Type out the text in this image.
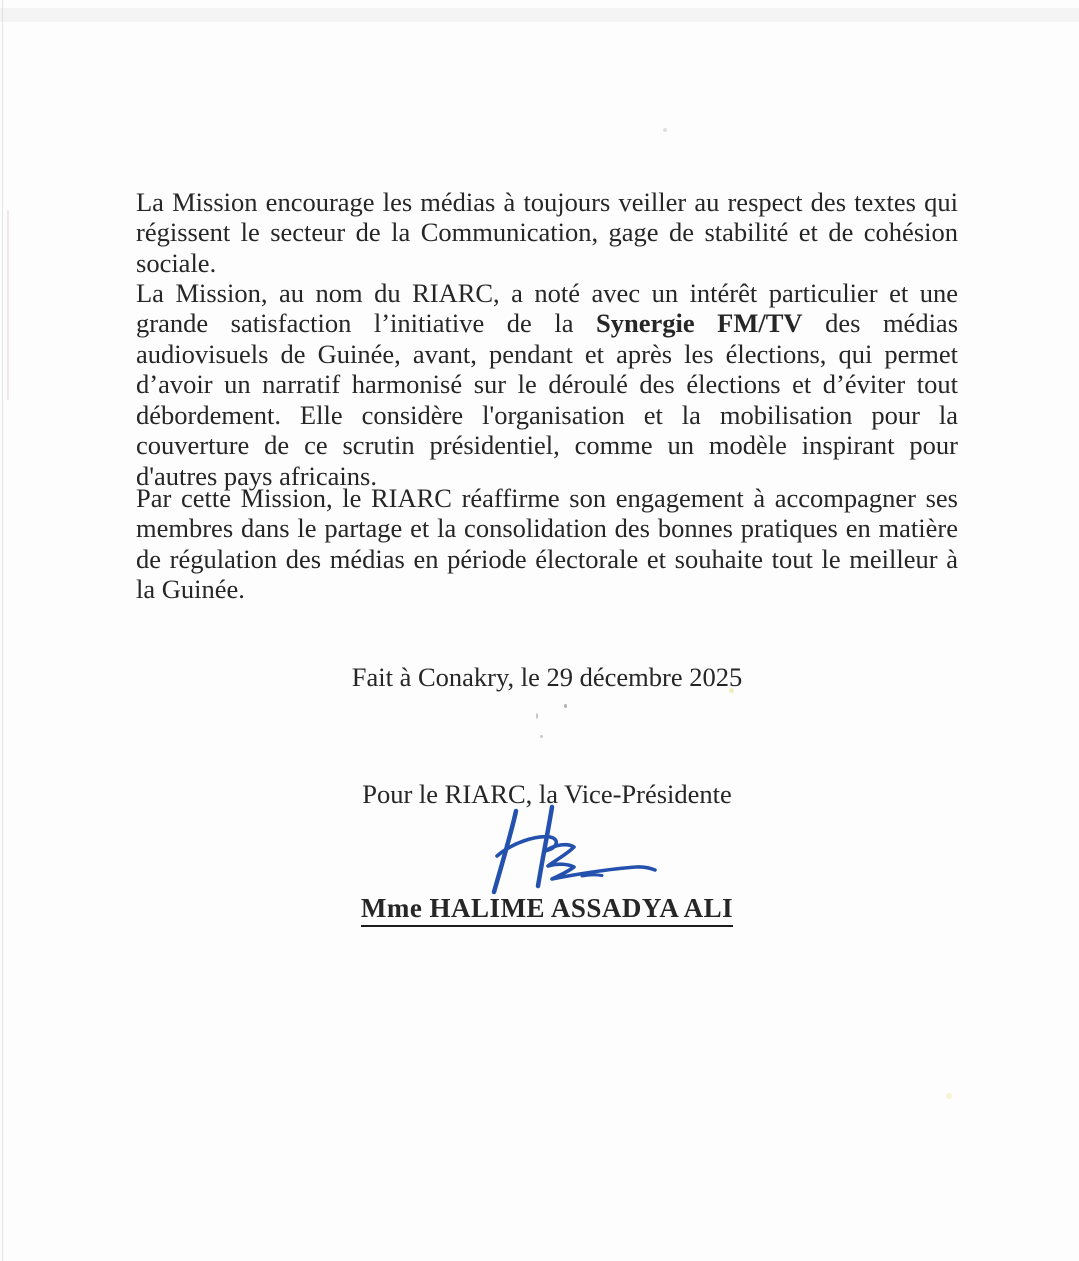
La Mission encourage les médias à toujours veiller au respect des textes qui régissent le secteur de la Communication, gage de stabilité et de cohésion sociale.

La Mission, au nom du RIARC, a noté avec un intérêt particulier et une grande satisfaction l’initiative de la Synergie FM/TV des médias audiovisuels de Guinée, avant, pendant et après les élections, qui permet d’avoir un narratif harmonisé sur le déroulé des élections et d’éviter tout débordement. Elle considère l'organisation et la mobilisation pour la couverture de ce scrutin présidentiel, comme un modèle inspirant pour d'autres pays africains.

Par cette Mission, le RIARC réaffirme son engagement à accompagner ses membres dans le partage et la consolidation des bonnes pratiques en matière de régulation des médias en période électorale et souhaite tout le meilleur à la Guinée.

Fait à Conakry, le 29 décembre 2025
Pour le RIARC, la Vice-Présidente
Mme HALIME ASSADYA ALI
